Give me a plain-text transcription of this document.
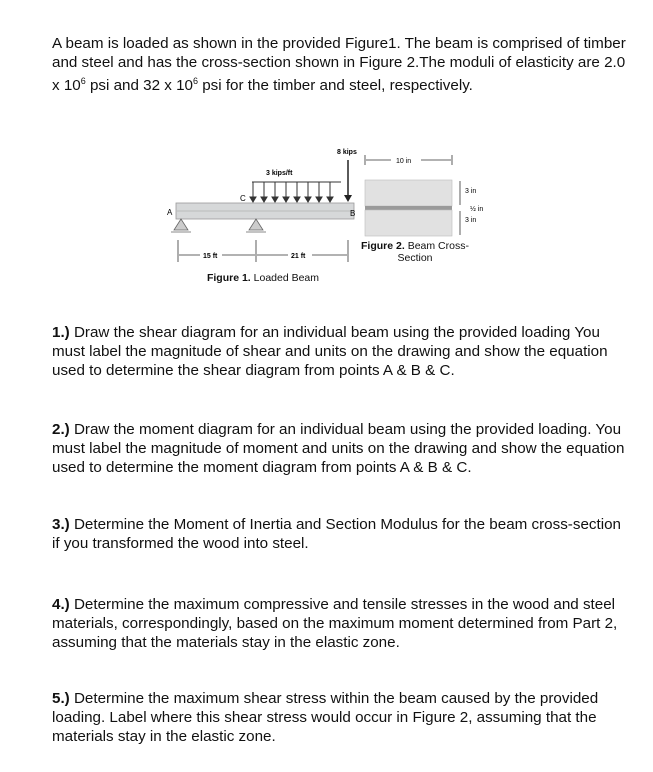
A beam is loaded as shown in the provided Figure1. The beam is comprised of timber and steel and has the cross-section shown in Figure 2.The moduli of elasticity are 2.0 x $10^6$ psi and 32 x $10^6$ psi for the timber and steel, respectively.
8 kips
3 kips/ft
A	B
C
15 ft	21 ft
Figure 1. Loaded Beam
10 in
3 in
½ in
3 in
Figure 2. Beam Cross-
Section
1.) Draw the shear diagram for an individual beam using the provided loading You must label the magnitude of shear and units on the drawing and show the equation used to determine the shear diagram from points A & B & C.
2.) Draw the moment diagram for an individual beam using the provided loading. You must label the magnitude of moment and units on the drawing and show the equation used to determine the moment diagram from points A & B & C.
3.) Determine the Moment of Inertia and Section Modulus for the beam cross-section if you transformed the wood into steel.
4.) Determine the maximum compressive and tensile stresses in the wood and steel materials, correspondingly, based on the maximum moment determined from Part 2, assuming that the materials stay in the elastic zone.
5.) Determine the maximum shear stress within the beam caused by the provided loading. Label where this shear stress would occur in Figure 2, assuming that the materials stay in the elastic zone.
